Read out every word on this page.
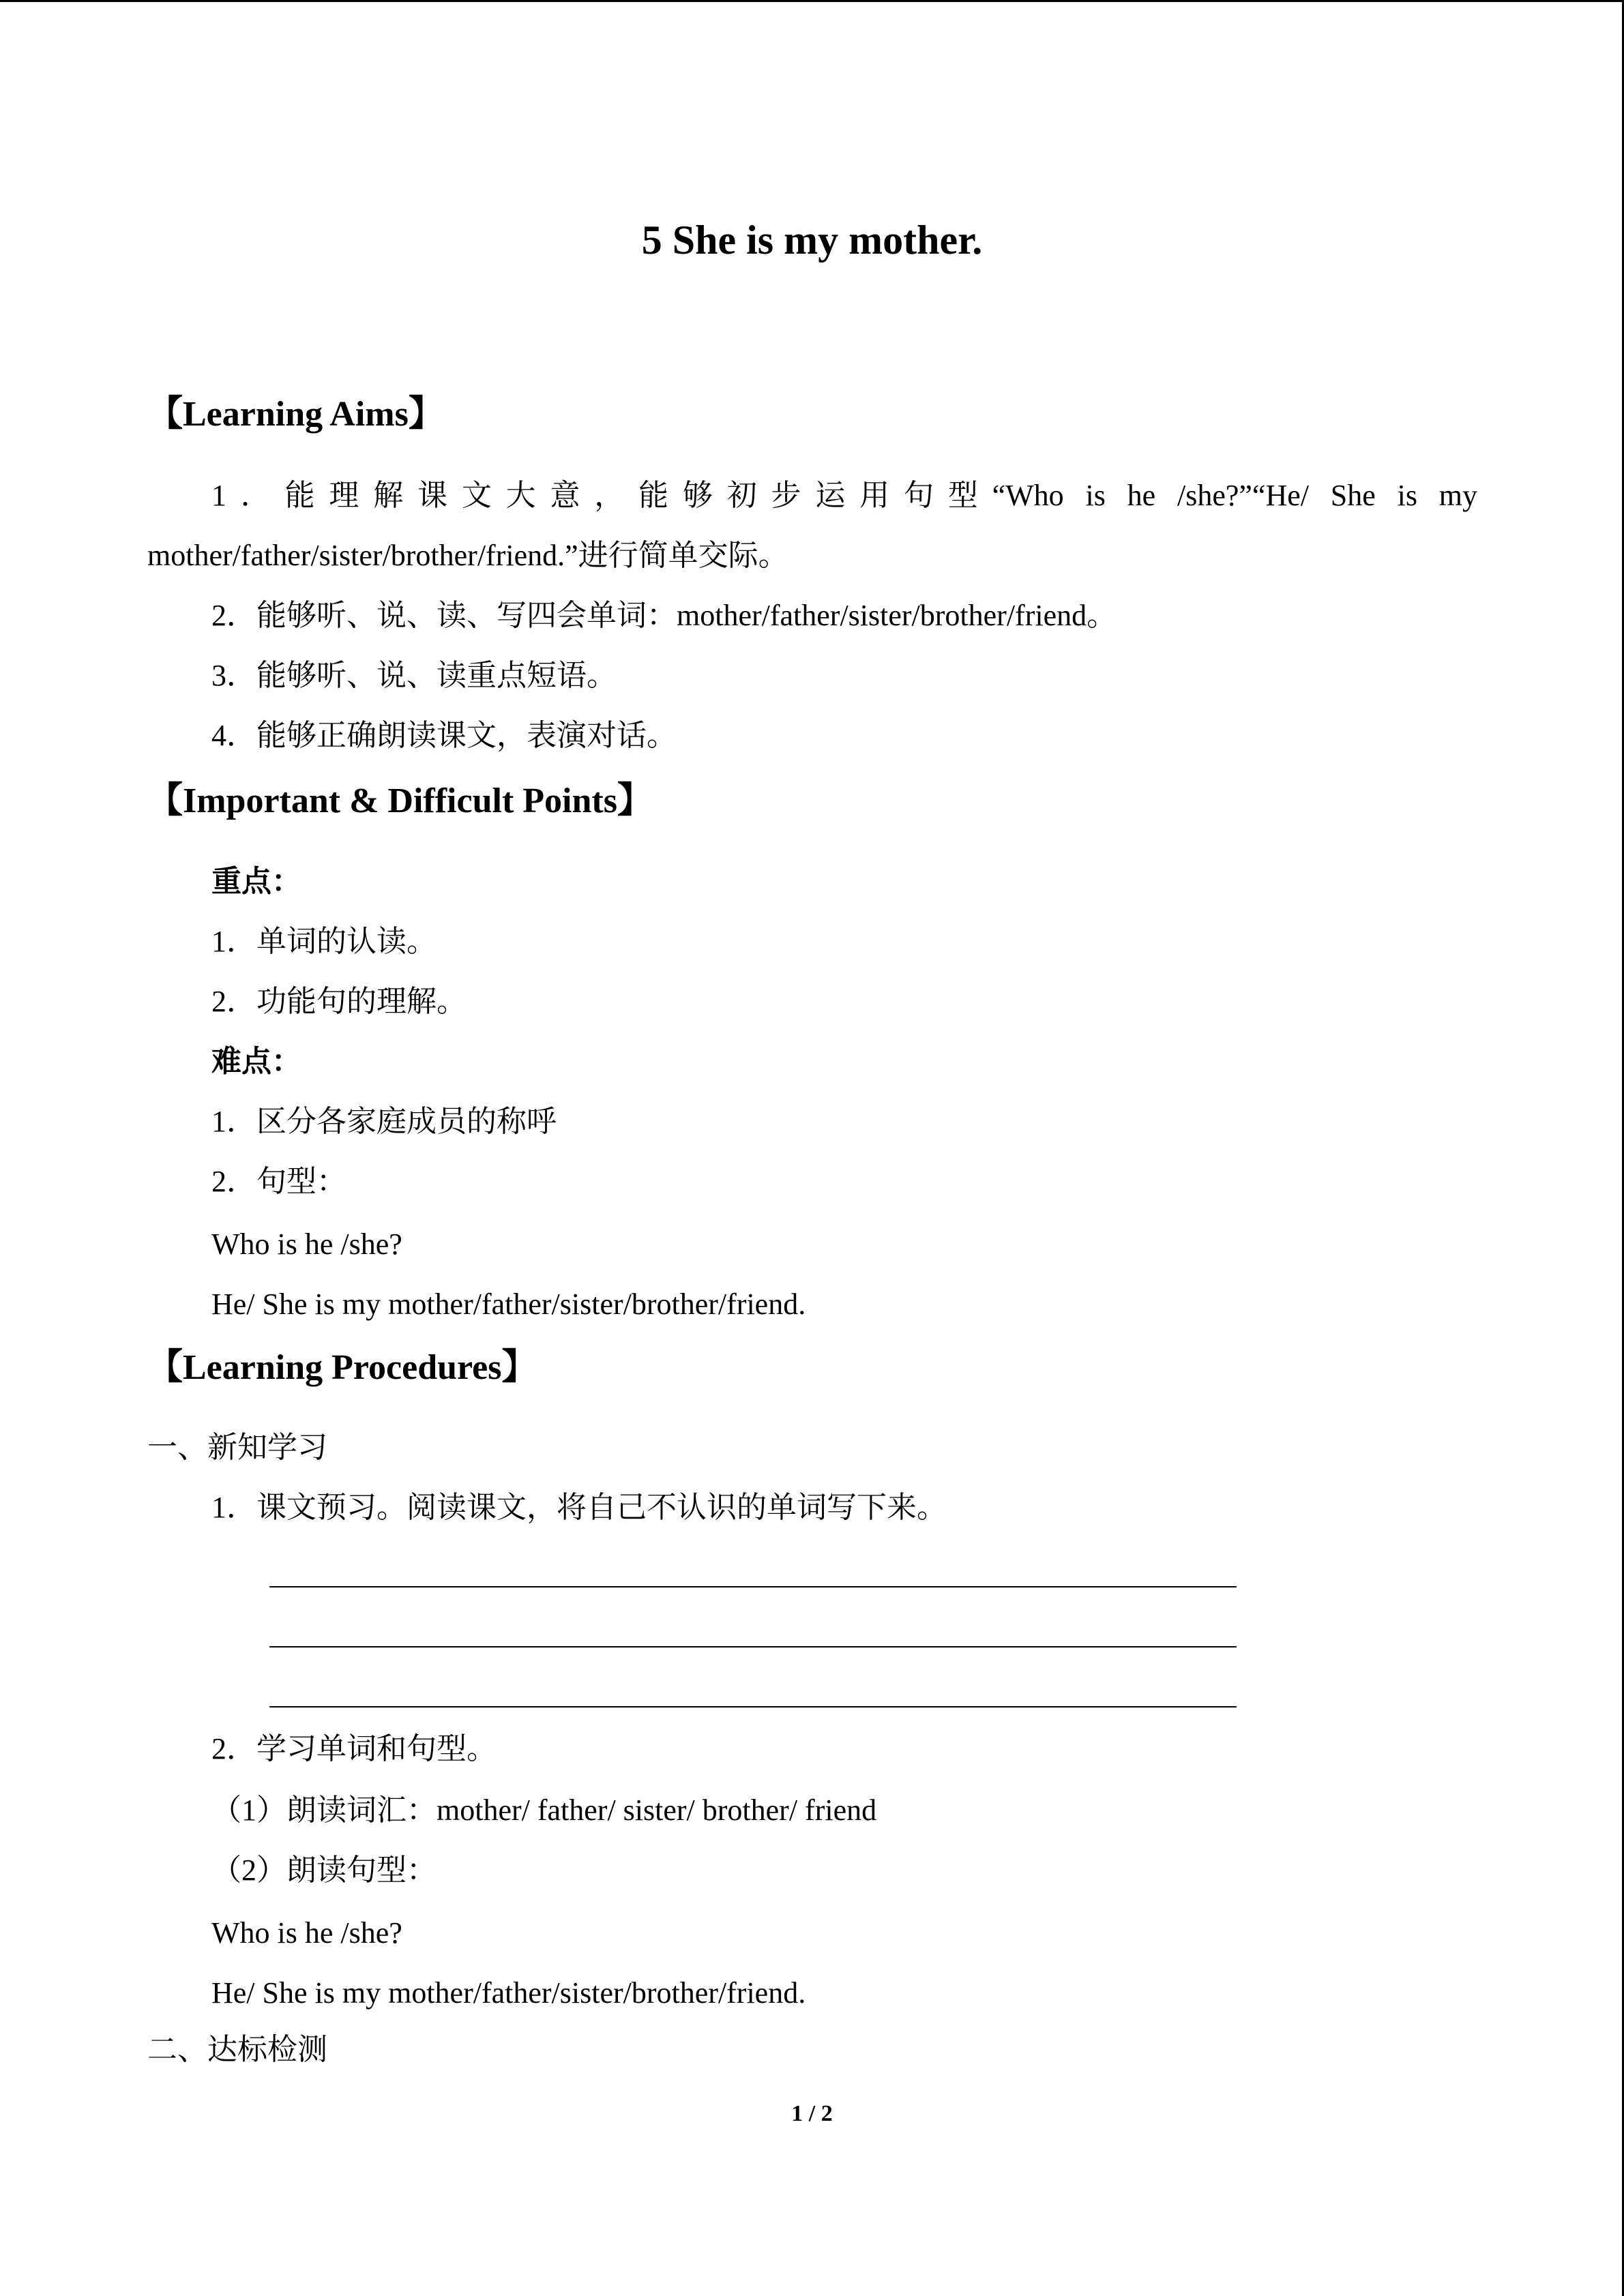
5 She is my mother.
【Learning Aims】
1．能理解课文大意，能够初步运用句型“Who is he /she?”“He/ She is my
mother/father/sister/brother/friend.”进行简单交际。
2．能够听、说、读、写四会单词：mother/father/sister/brother/friend。
3．能够听、说、读重点短语。
4．能够正确朗读课文，表演对话。
【Important & Difficult Points】
重点：
1．单词的认读。
2．功能句的理解。
难点：
1．区分各家庭成员的称呼
2．句型：
Who is he /she?
He/ She is my mother/father/sister/brother/friend.
【Learning Procedures】
一、新知学习
1．课文预习。阅读课文，将自己不认识的单词写下来。
2．学习单词和句型。
（1）朗读词汇：mother/ father/ sister/ brother/ friend
（2）朗读句型：
Who is he /she?
He/ She is my mother/father/sister/brother/friend.
二、达标检测
1 / 2
